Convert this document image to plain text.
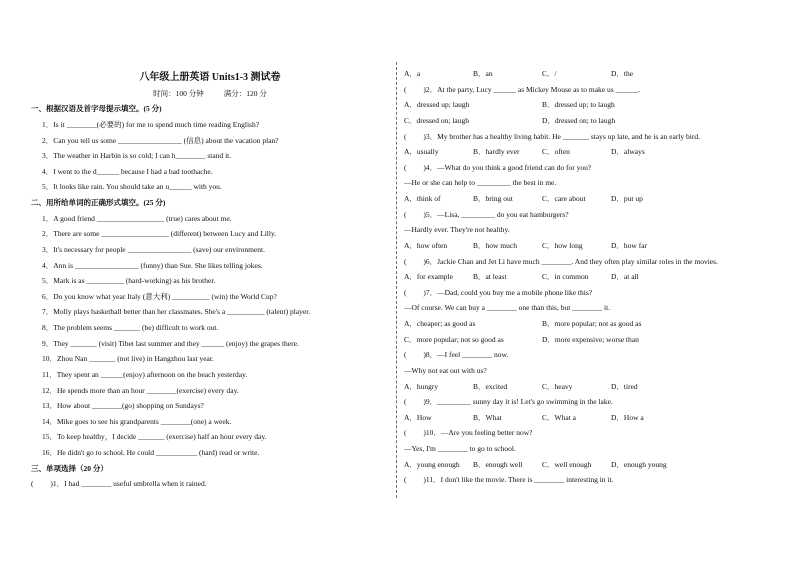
八年级上册英语 Units1-3 测试卷
时间：100 分钟	满分：120 分
一、根据汉语及首字母提示填空。(5 分)
1．Is it ________(必要的) for me to spend much time reading English?
2．Can you tell us some _________________ (信息) about the vacation plan?
3．The weather in Harbin is so cold; I can h________ stand it.
4．I went to the d______ because I had a bad toothache.
5．It looks like rain. You should take an u______ with you.
二、用所给单词的正确形式填空。(25 分)
1．A good friend __________________ (true) cares about me.
2．There are some __________________ (different) between Lucy and Lilly.
3．It's necessary for people _________________ (save) our environment.
4．Ann is _________________ (funny) than Sue. She likes telling jokes.
5．Mark is as __________ (hard-working) as his brother.
6．Do you know what year Italy (意大利) __________ (win) the World Cup?
7．Molly plays basketball better than her classmates. She's a __________ (talent) player.
8．The problem seems _______ (be) difficult to work out.
9．They _______ (visit) Tibet last summer and they ______ (enjoy) the grapes there.
10．Zhou Nan _______ (not live) in Hangzhou last year.
11．They spent an ______(enjoy) afternoon on the beach yesterday.
12．He spends more than an hour ________(exercise) every day.
13．How about ________(go) shopping on Sundays?
14．Mike goes to see his grandparents ________(one) a week.
15．To keep healthy，I decide _______ (exercise) half an hour every day.
16．He didn't go to school. He could ___________ (hard) read or write.
三、单项选择（20 分）
(         )1．I had ________ useful umbrella when it rained.
A．a	B．an	C．/	D．the
(         )2．At the party, Lucy ______ as Mickey Mouse as to make us ______.
A．dressed up; laugh	B．dressed up; to laugh
C．dressed on; laugh	D．dressed on; to laugh
(         )3．My brother has a healthy living habit. He _______ stays up late, and he is an early bird.
A．usually	B．hardly ever	C．often	D．always
(         )4．—What do you think a good friend can do for you?
—He or she can help to _________ the best in me.
A．think of	B．bring out	C．care about	D．put up
(         )5．—Lisa, _________ do you eat hamburgers?
—Hardly ever. They're not healthy.
A．how often	B．how much	C．how long	D．how far
(         )6．Jackie Chan and Jet Li have much ________. And they often play similar roles in the movies.
A．for example	B．at least	C．in common	D．at all
(         )7．—Dad, could you buy me a mobile phone like this?
—Of course. We can buy a ________ one than this, but ________ it.
A．cheaper; as good as	B．more popular; not as good as
C．more popular; not so good as	D．more expensive; worse than
(         )8．—I feel ________ now.
—Why not eat out with us?
A．hungry	B．excited	C．heavy	D．tired
(         )9．_________ sunny day it is! Let's go swimming in the lake.
A．How	B．What	C．What a	D．How a
(         )10．—Are you feeling better now?
—Yes, I'm ________ to go to school.
A．young enough	B．enough well	C．well enough	D．enough young
(         )11．I don't like the movie. There is ________ interesting in it.
